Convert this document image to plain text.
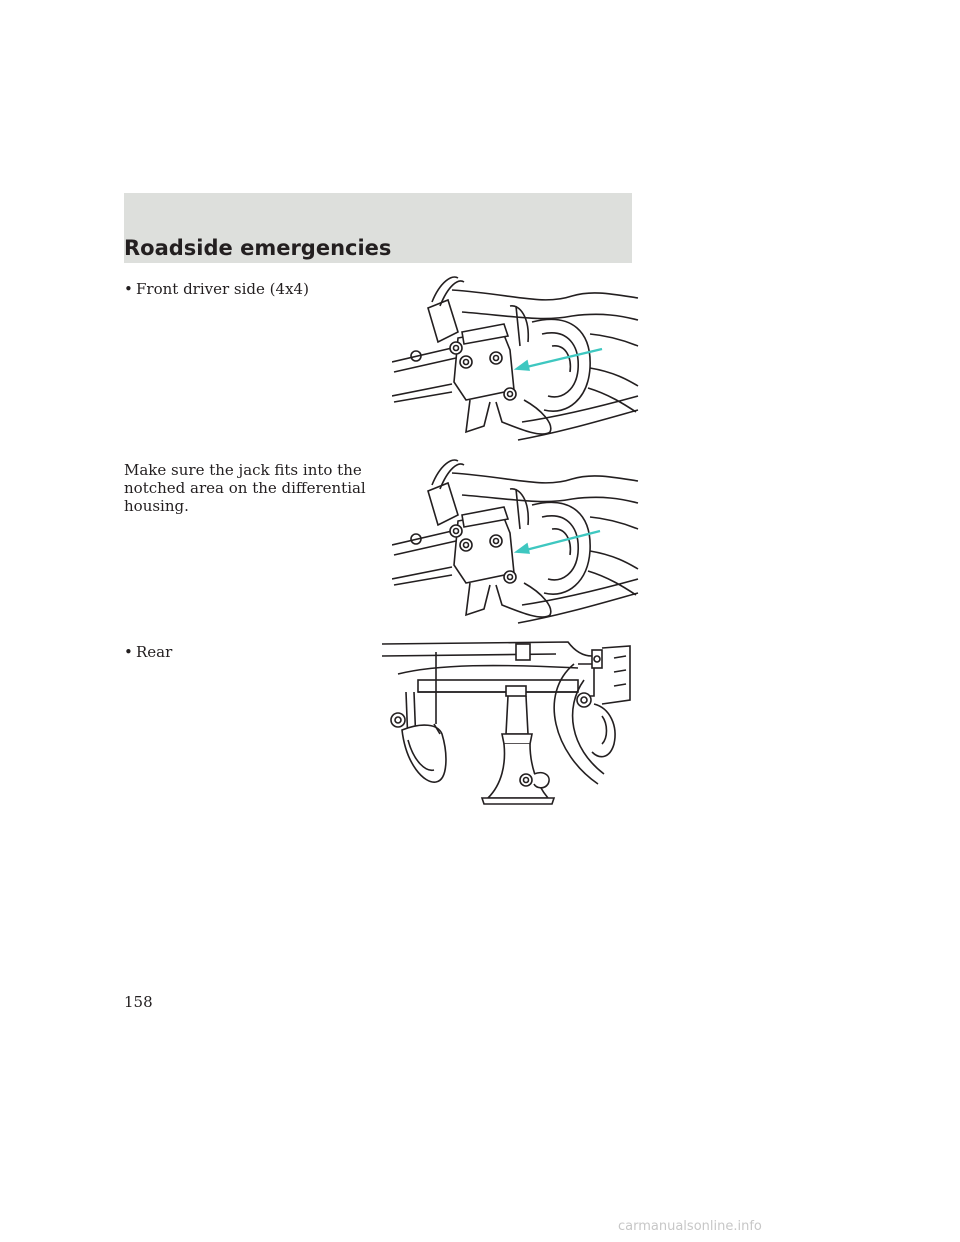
Roadside emergencies
• Front driver side (4x4)
Make sure the jack fits into the
notched area on the differential
housing.
• Rear
158
carmanualsonline.info
